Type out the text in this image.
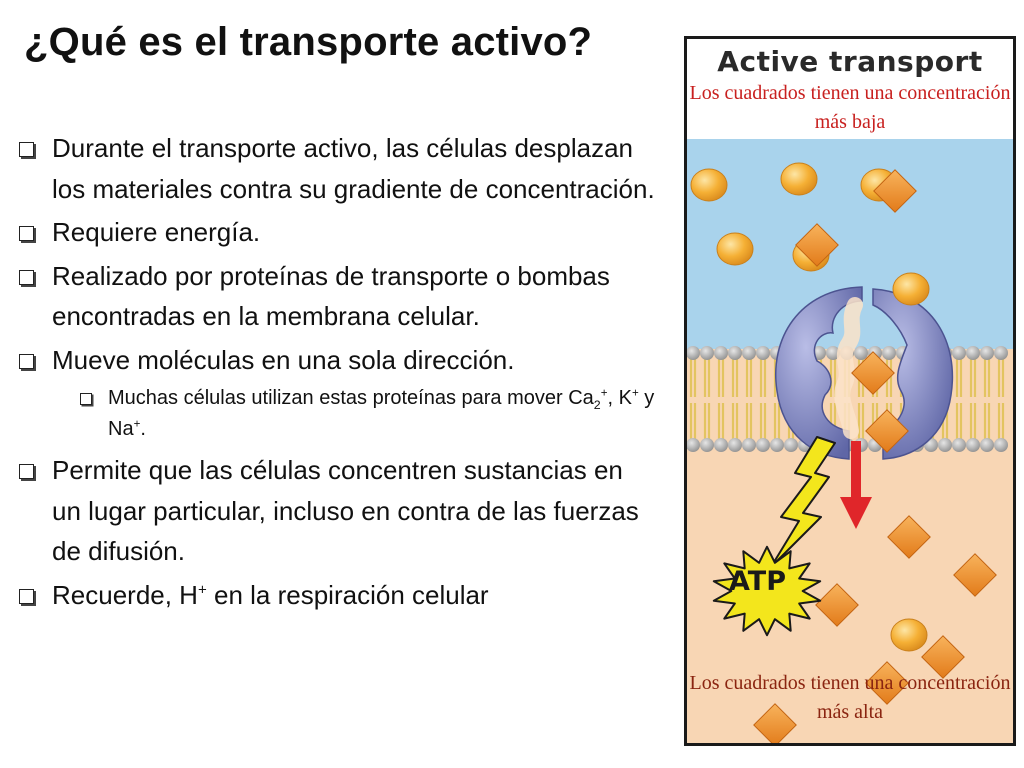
¿Qué es el transporte activo?

Durante el transporte activo, las células desplazan los materiales contra su gradiente de concentración.

Requiere energía.

Realizado por proteínas de transporte o bombas encontradas en la membrana celular.

Mueve moléculas en una sola dirección.

Muchas células utilizan estas proteínas para mover $Ca_2^+$, K+ y Na+.

Permite que las células concentren sustancias en un lugar particular, incluso en contra de las fuerzas de difusión.

Recuerde, H+ en la respiración celular

Active transport
Los cuadrados tienen una concentración más baja
ATP
Los cuadrados tienen una concentración más alta
